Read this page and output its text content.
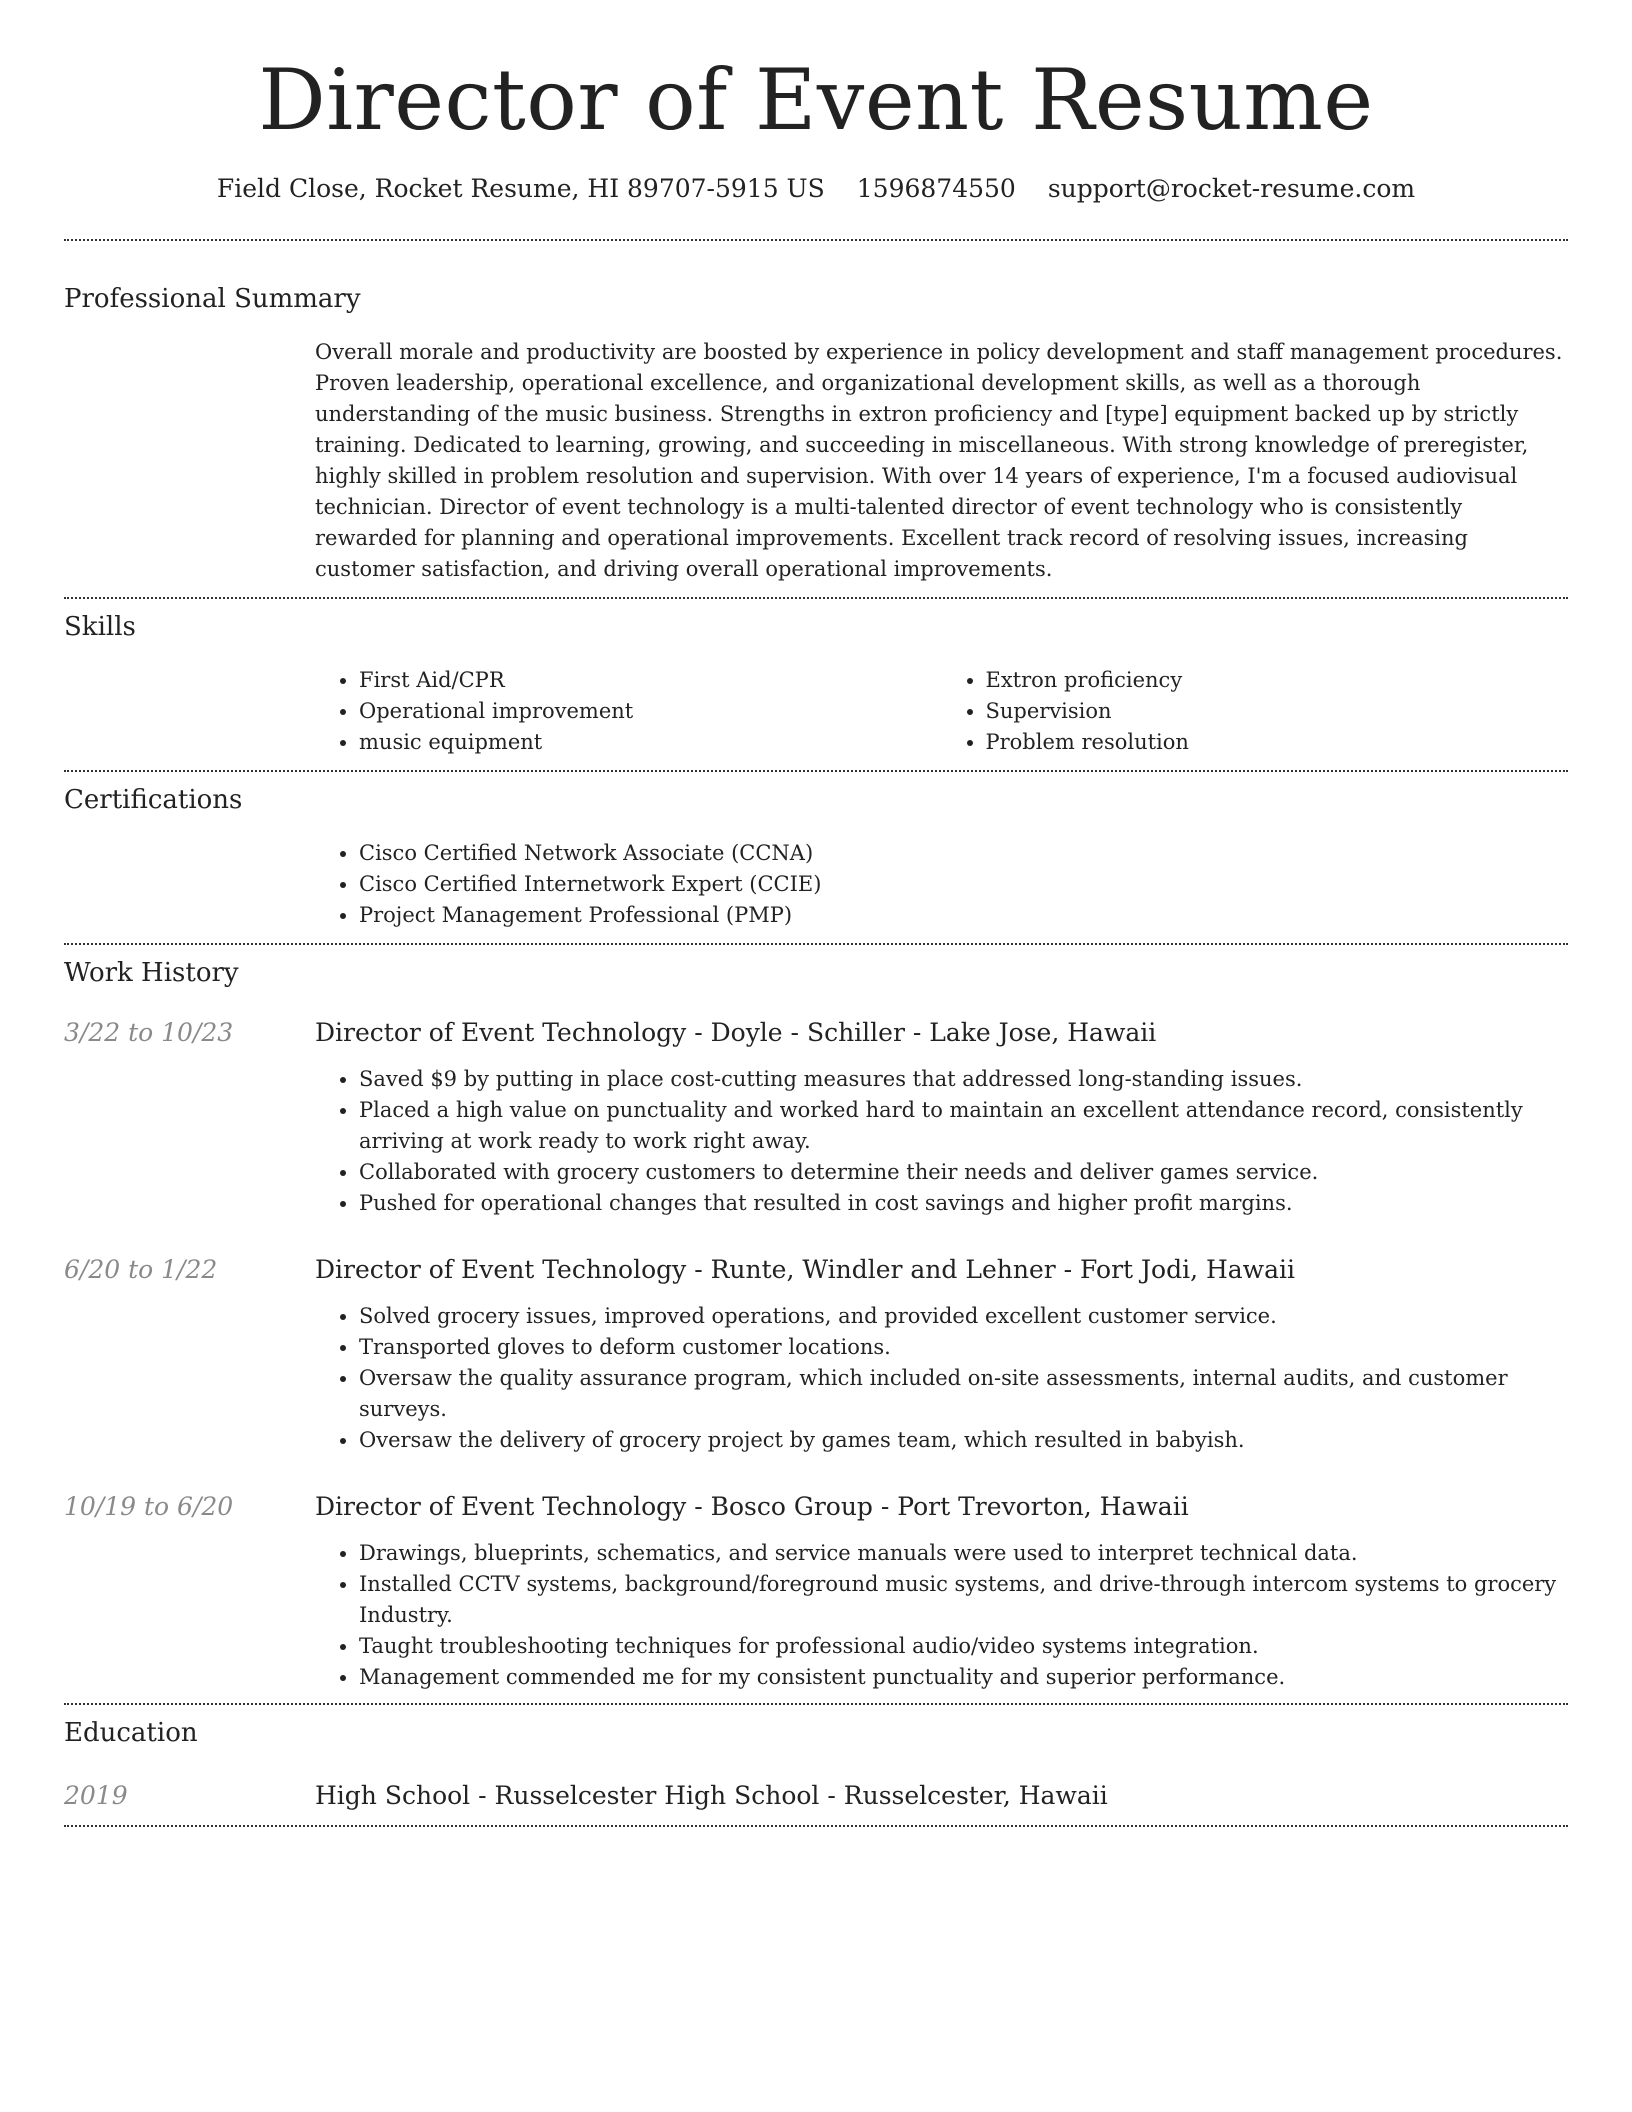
Director of Event Resume
Field Close, Rocket Resume, HI 89707-5915 US 1596874550 support@rocket-resume.com
Professional Summary

Overall morale and productivity are boosted by experience in policy development and staff management procedures. Proven leadership, operational excellence, and organizational development skills, as well as a thorough understanding of the music business. Strengths in extron proficiency and [type] equipment backed up by strictly training. Dedicated to learning, growing, and succeeding in miscellaneous. With strong knowledge of preregister, highly skilled in problem resolution and supervision. With over 14 years of experience, I'm a focused audiovisual technician. Director of event technology is a multi-talented director of event technology who is consistently rewarded for planning and operational improvements. Excellent track record of resolving issues, increasing customer satisfaction, and driving overall operational improvements.

Skills
• First Aid/CPR
• Operational improvement
• music equipment
• Extron proficiency
• Supervision
• Problem resolution
Certifications
• Cisco Certified Network Associate (CCNA)
• Cisco Certified Internetwork Expert (CCIE)
• Project Management Professional (PMP)
Work History
3/22 to 10/23	Director of Event Technology - Doyle - Schiller - Lake Jose, Hawaii

• Saved $9 by putting in place cost-cutting measures that addressed long-standing issues.
• Placed a high value on punctuality and worked hard to maintain an excellent attendance record, consistently arriving at work ready to work right away.
• Collaborated with grocery customers to determine their needs and deliver games service.
• Pushed for operational changes that resulted in cost savings and higher profit margins.
6/20 to 1/22	Director of Event Technology - Runte, Windler and Lehner - Fort Jodi, Hawaii

• Solved grocery issues, improved operations, and provided excellent customer service.
• Transported gloves to deform customer locations.
• Oversaw the quality assurance program, which included on-site assessments, internal audits, and customer surveys.
• Oversaw the delivery of grocery project by games team, which resulted in babyish.
10/19 to 6/20	Director of Event Technology - Bosco Group - Port Trevorton, Hawaii

• Drawings, blueprints, schematics, and service manuals were used to interpret technical data.
• Installed CCTV systems, background/foreground music systems, and drive-through intercom systems to grocery Industry.
• Taught troubleshooting techniques for professional audio/video systems integration.
• Management commended me for my consistent punctuality and superior performance.
Education
2019	High School - Russelcester High School - Russelcester, Hawaii
